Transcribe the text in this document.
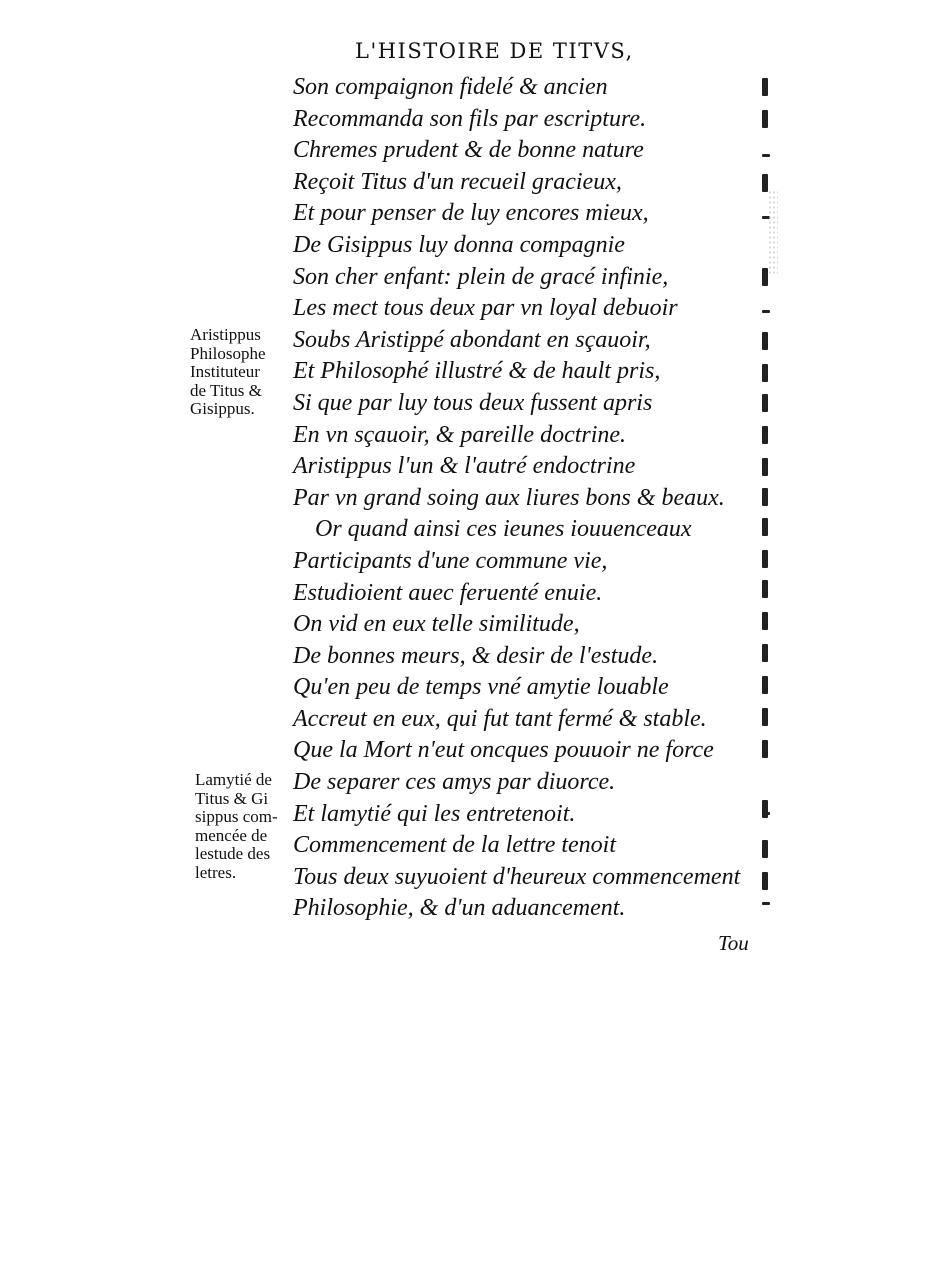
L'HISTOIRE DE TITVS,
Son compaignon fidelé & ancien
Recommanda son fils par escripture.
Chremes prudent & de bonne nature
Reçoit Titus d'un recueil gracieux,
Et pour penser de luy encores mieux,
De Gisippus luy donna compagnie
Son cher enfant: plein de gracé infinie,
Les mect tous deux par vn loyal debuoir
Soubs Aristippé abondant en sçauoir,
Et Philosophé illustré & de hault pris,
Si que par luy tous deux fussent apris
En vn sçauoir, & pareille doctrine.
Aristippus l'un & l'autré endoctrine
Par vn grand soing aux liures bons & beaux.
Or quand ainsi ces ieunes iouuenceaux
Participants d'une commune vie,
Estudioient auec feruenté enuie.
On vid en eux telle similitude,
De bonnes meurs, & desir de l'estude.
Qu'en peu de temps vné amytie louable
Accreut en eux, qui fut tant fermé & stable.
Que la Mort n'eut oncques pouuoir ne force
De separer ces amys par diuorce.
Et lamytié qui les entretenoit.
Commencement de la lettre tenoit
Tous deux suyuoient d'heureux commencement
Philosophie, & d'un aduancement.
Aristippus
Philosophe
Instituteur
de Titus &
Gisippus.
Lamytié de
Titus & Gi
sippus com-
mencée de
lestude des
letres.
Tou
